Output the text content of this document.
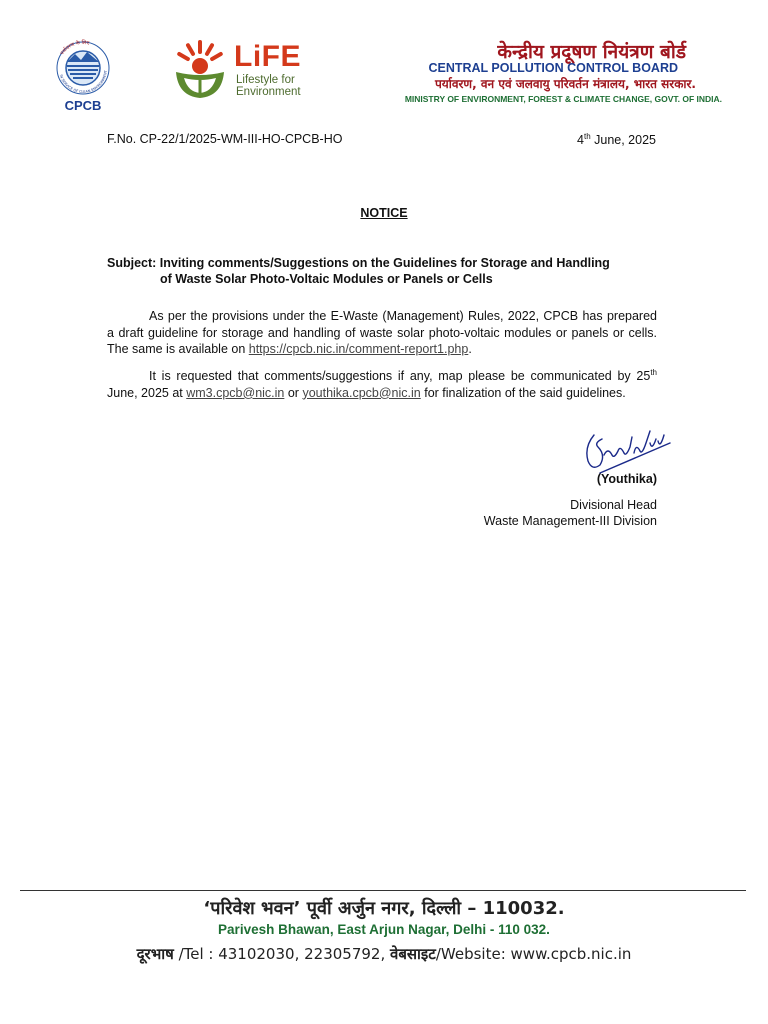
CPCB
पर्यावरण के लिए
IN SERVICE OF CLEAN ENVIRONMENT	LiFE
Lifestyle for
Environment
केन्द्रीय प्रदूषण नियंत्रण बोर्ड
CENTRAL POLLUTION CONTROL BOARD
पर्यावरण, वन एवं जलवायु परिवर्तन मंत्रालय, भारत सरकार.
MINISTRY OF ENVIRONMENT, FOREST & CLIMATE CHANGE, GOVT. OF INDIA.
F.No. CP-22/1/2025-WM-III-HO-CPCB-HO	4th June, 2025
NOTICE
Subject: Inviting comments/Suggestions on the Guidelines for Storage and Handling
of Waste Solar Photo-Voltaic Modules or Panels or Cells
As per the provisions under the E-Waste (Management) Rules, 2022, CPCB has prepared a draft guideline for storage and handling of waste solar photo-voltaic modules or panels or cells. The same is available on https://cpcb.nic.in/comment-report1.php.
It is requested that comments/suggestions if any, map please be communicated by 25th June, 2025 at wm3.cpcb@nic.in or youthika.cpcb@nic.in for finalization of the said guidelines.
(Youthika)
Divisional Head
Waste Management-III Division
‘परिवेश भवन’ पूर्वी अर्जुन नगर, दिल्ली – 110032.
Parivesh Bhawan, East Arjun Nagar, Delhi - 110 032.
दूरभाष /Tel : 43102030, 22305792, वेबसाइट/Website: www.cpcb.nic.in
